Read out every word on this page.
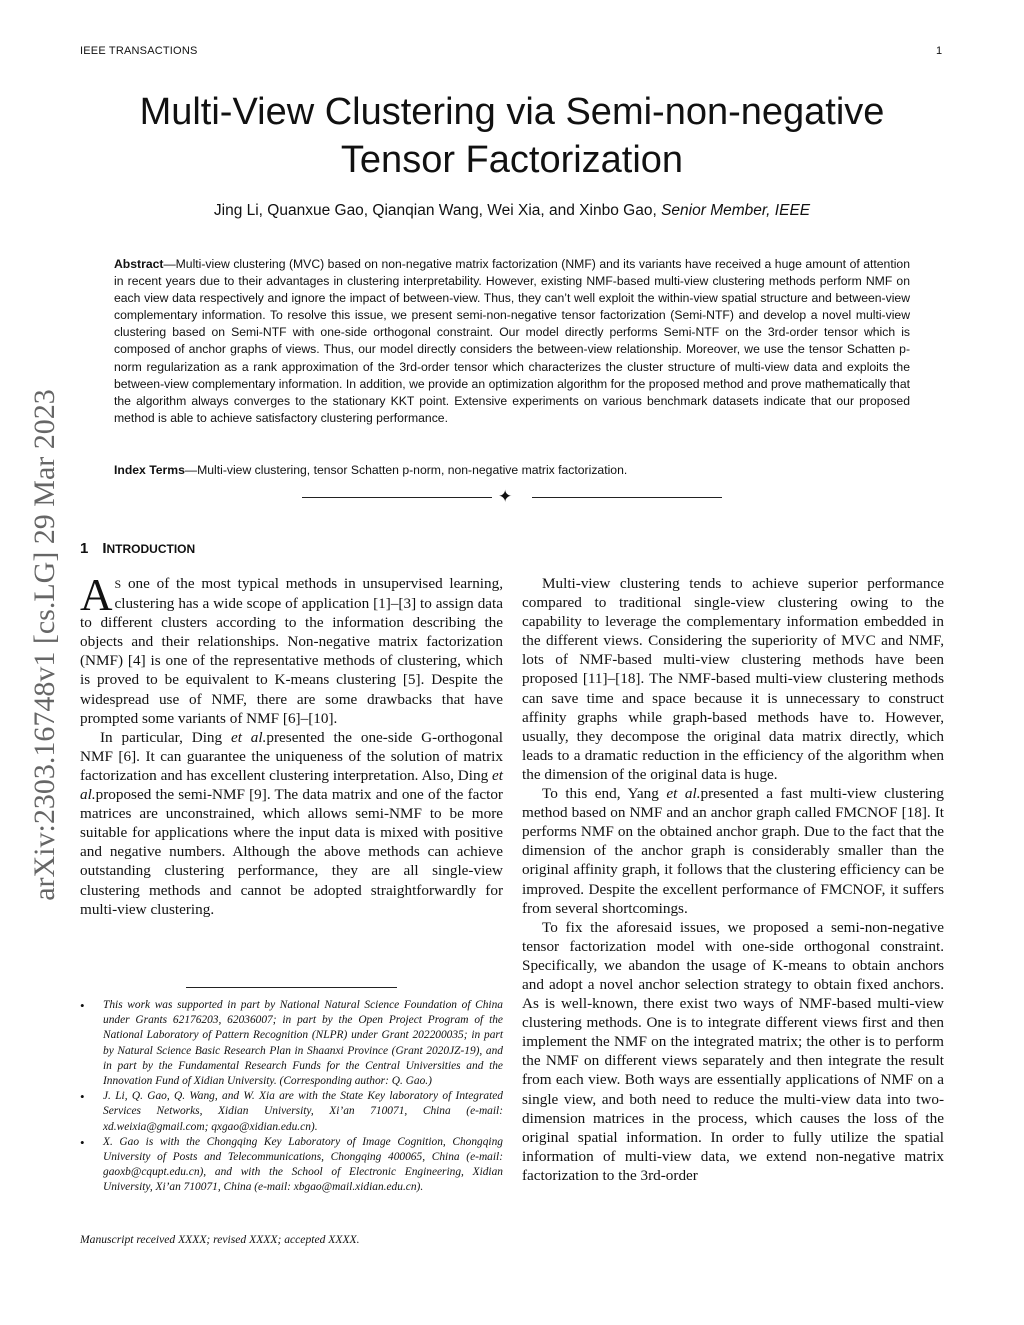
IEEE TRANSACTIONS	1
arXiv:2303.16748v1 [cs.LG] 29 Mar 2023
Multi-View Clustering via Semi-non-negative
Tensor Factorization
Jing Li, Quanxue Gao, Qianqian Wang, Wei Xia, and Xinbo Gao, Senior Member, IEEE
Abstract—Multi-view clustering (MVC) based on non-negative matrix factorization (NMF) and its variants have received a huge amount of attention in recent years due to their advantages in clustering interpretability. However, existing NMF-based multi-view clustering methods perform NMF on each view data respectively and ignore the impact of between-view. Thus, they can’t well exploit the within-view spatial structure and between-view complementary information. To resolve this issue, we present semi-non-negative tensor factorization (Semi-NTF) and develop a novel multi-view clustering based on Semi-NTF with one-side orthogonal constraint. Our model directly performs Semi-NTF on the 3rd-order tensor which is composed of anchor graphs of views. Thus, our model directly considers the between-view relationship. Moreover, we use the tensor Schatten p-norm regularization as a rank approximation of the 3rd-order tensor which characterizes the cluster structure of multi-view data and exploits the between-view complementary information. In addition, we provide an optimization algorithm for the proposed method and prove mathematically that the algorithm always converges to the stationary KKT point. Extensive experiments on various benchmark datasets indicate that our proposed method is able to achieve satisfactory clustering performance.
Index Terms—Multi-view clustering, tensor Schatten p-norm, non-negative matrix factorization.
✦
1 INTRODUCTION

A S one of the most typical methods in unsupervised learning, clustering has a wide scope of application [1]–[3] to assign data to different clusters according to the information describing the objects and their relationships. Non-negative matrix factorization (NMF) [4] is one of the representative methods of clustering, which is proved to be equivalent to K-means clustering [5]. Despite the widespread use of NMF, there are some drawbacks that have prompted some variants of NMF [6]–[10].

In particular, Ding et al.presented the one-side G-orthogonal NMF [6]. It can guarantee the uniqueness of the solution of matrix factorization and has excellent clustering interpretation. Also, Ding et al.proposed the semi-NMF [9]. The data matrix and one of the factor matrices are unconstrained, which allows semi-NMF to be more suitable for applications where the input data is mixed with positive and negative numbers. Although the above methods can achieve outstanding clustering performance, they are all single-view clustering methods and cannot be adopted straightforwardly for multi-view clustering.

• This work was supported in part by National Natural Science Foundation of China under Grants 62176203, 62036007; in part by the Open Project Program of the National Laboratory of Pattern Recognition (NLPR) under Grant 202200035; in part by Natural Science Basic Research Plan in Shaanxi Province (Grant 2020JZ-19), and in part by the Fundamental Research Funds for the Central Universities and the Innovation Fund of Xidian University. (Corresponding author: Q. Gao.)
• J. Li, Q. Gao, Q. Wang, and W. Xia are with the State Key laboratory of Integrated Services Networks, Xidian University, Xi’an 710071, China (e-mail: xd.weixia@gmail.com; qxgao@xidian.edu.cn).
• X. Gao is with the Chongqing Key Laboratory of Image Cognition, Chongqing University of Posts and Telecommunications, Chongqing 400065, China (e-mail: gaoxb@cqupt.edu.cn), and with the School of Electronic Engineering, Xidian University, Xi’an 710071, China (e-mail: xbgao@mail.xidian.edu.cn).
Manuscript received XXXX; revised XXXX; accepted XXXX.

Multi-view clustering tends to achieve superior performance compared to traditional single-view clustering owing to the capability to leverage the complementary information embedded in the different views. Considering the superiority of MVC and NMF, lots of NMF-based multi-view clustering methods have been proposed [11]–[18]. The NMF-based multi-view clustering methods can save time and space because it is unnecessary to construct affinity graphs while graph-based methods have to. However, usually, they decompose the original data matrix directly, which leads to a dramatic reduction in the efficiency of the algorithm when the dimension of the original data is huge.

To this end, Yang et al.presented a fast multi-view clustering method based on NMF and an anchor graph called FMCNOF [18]. It performs NMF on the obtained anchor graph. Due to the fact that the dimension of the anchor graph is considerably smaller than the original affinity graph, it follows that the clustering efficiency can be improved. Despite the excellent performance of FMCNOF, it suffers from several shortcomings.

To fix the aforesaid issues, we proposed a semi-non-negative tensor factorization model with one-side orthogonal constraint. Specifically, we abandon the usage of K-means to obtain anchors and adopt a novel anchor selection strategy to obtain fixed anchors. As is well-known, there exist two ways of NMF-based multi-view clustering methods. One is to integrate different views first and then implement the NMF on the integrated matrix; the other is to perform the NMF on different views separately and then integrate the result from each view. Both ways are essentially applications of NMF on a single view, and both need to reduce the multi-view data into two-dimension matrices in the process, which causes the loss of the original spatial information. In order to fully utilize the spatial information of multi-view data, we extend non-negative matrix factorization to the 3rd-order
